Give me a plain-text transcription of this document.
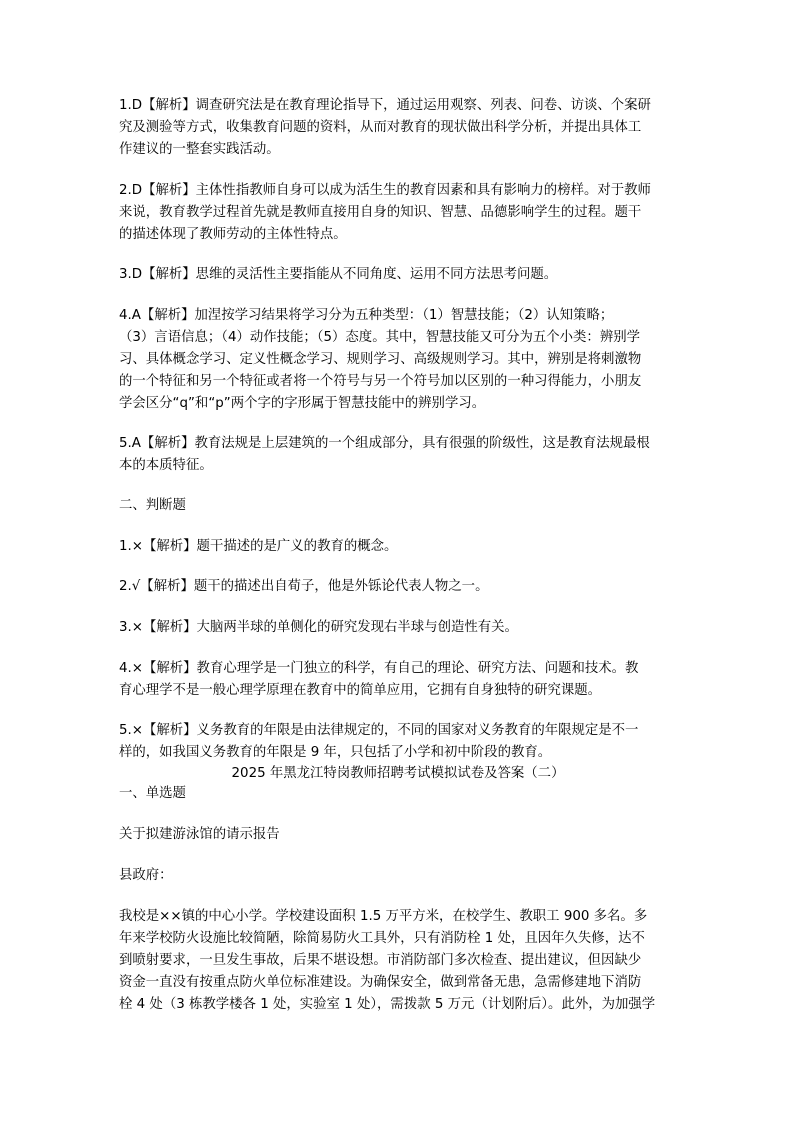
1.D【解析】调查研究法是在教育理论指导下，通过运用观察、列表、问卷、访谈、个案研
究及测验等方式，收集教育问题的资料，从而对教育的现状做出科学分析，并提出具体工
作建议的一整套实践活动。
2.D【解析】主体性指教师自身可以成为活生生的教育因素和具有影响力的榜样。对于教师
来说，教育教学过程首先就是教师直接用自身的知识、智慧、品德影响学生的过程。题干
的描述体现了教师劳动的主体性特点。
3.D【解析】思维的灵活性主要指能从不同角度、运用不同方法思考问题。
4.A【解析】加涅按学习结果将学习分为五种类型：（1）智慧技能；（2）认知策略；
（3）言语信息；（4）动作技能；（5）态度。其中，智慧技能又可分为五个小类：辨别学
习、具体概念学习、定义性概念学习、规则学习、高级规则学习。其中，辨别是将刺激物
的一个特征和另一个特征或者将一个符号与另一个符号加以区别的一种习得能力，小朋友
学会区分“q”和“p”两个字的字形属于智慧技能中的辨别学习。
5.A【解析】教育法规是上层建筑的一个组成部分，具有很强的阶级性，这是教育法规最根
本的本质特征。
二、判断题
1.×【解析】题干描述的是广义的教育的概念。
2.√【解析】题干的描述出自荀子，他是外铄论代表人物之一。
3.×【解析】大脑两半球的单侧化的研究发现右半球与创造性有关。
4.×【解析】教育心理学是一门独立的科学，有自己的理论、研究方法、问题和技术。教
育心理学不是一般心理学原理在教育中的简单应用，它拥有自身独特的研究课题。
5.×【解析】义务教育的年限是由法律规定的，不同的国家对义务教育的年限规定是不一
样的，如我国义务教育的年限是 9 年，只包括了小学和初中阶段的教育。
2025 年黑龙江特岗教师招聘考试模拟试卷及答案（二）
一、单选题
关于拟建游泳馆的请示报告
县政府：
我校是××镇的中心小学。学校建设面积 1.5 万平方米，在校学生、教职工 900 多名。多
年来学校防火设施比较简陋，除简易防火工具外，只有消防栓 1 处，且因年久失修，达不
到喷射要求，一旦发生事故，后果不堪设想。市消防部门多次检查、提出建议，但因缺少
资金一直没有按重点防火单位标准建设。为确保安全，做到常备无患，急需修建地下消防
栓 4 处（3 栋教学楼各 1 处，实验室 1 处），需拨款 5 万元（计划附后）。此外，为加强学
